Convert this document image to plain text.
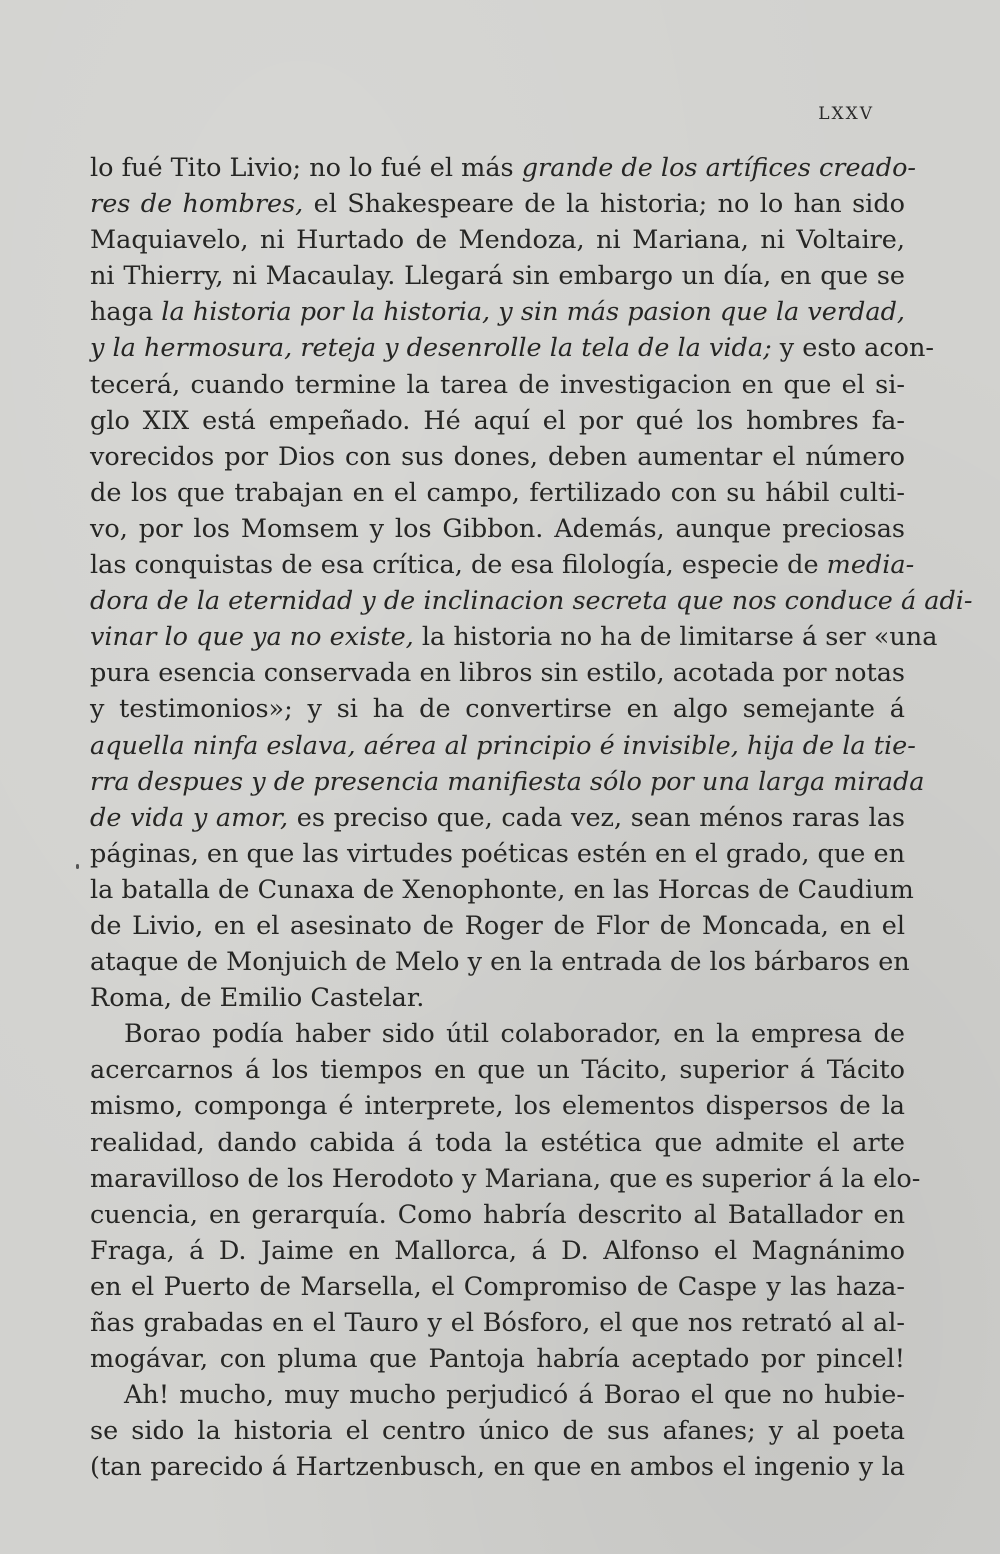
LXXV
lo fué Tito Livio; no lo fué el más grande de los artífices creado-
res de hombres, el Shakespeare de la historia; no lo han sido
Maquiavelo, ni Hurtado de Mendoza, ni Mariana, ni Voltaire,
ni Thierry, ni Macaulay. Llegará sin embargo un día, en que se
haga la historia por la historia, y sin más pasion que la verdad,
y la hermosura, reteja y desenrolle la tela de la vida; y esto acon-
tecerá, cuando termine la tarea de investigacion en que el si-
glo XIX está empeñado. Hé aquí el por qué los hombres fa-
vorecidos por Dios con sus dones, deben aumentar el número
de los que trabajan en el campo, fertilizado con su hábil culti-
vo, por los Momsem y los Gibbon. Además, aunque preciosas
las conquistas de esa crítica, de esa filología, especie de media-
dora de la eternidad y de inclinacion secreta que nos conduce á adi-
vinar lo que ya no existe, la historia no ha de limitarse á ser «una
pura esencia conservada en libros sin estilo, acotada por notas
y testimonios»; y si ha de convertirse en algo semejante á
aquella ninfa eslava, aérea al principio é invisible, hija de la tie-
rra despues y de presencia manifiesta sólo por una larga mirada
de vida y amor, es preciso que, cada vez, sean ménos raras las
páginas, en que las virtudes poéticas estén en el grado, que en
la batalla de Cunaxa de Xenophonte, en las Horcas de Caudium
de Livio, en el asesinato de Roger de Flor de Moncada, en el
ataque de Monjuich de Melo y en la entrada de los bárbaros en
Roma, de Emilio Castelar.
Borao podía haber sido útil colaborador, en la empresa de
acercarnos á los tiempos en que un Tácito, superior á Tácito
mismo, componga é interprete, los elementos dispersos de la
realidad, dando cabida á toda la estética que admite el arte
maravilloso de los Herodoto y Mariana, que es superior á la elo-
cuencia, en gerarquía. Como habría descrito al Batallador en
Fraga, á D. Jaime en Mallorca, á D. Alfonso el Magnánimo
en el Puerto de Marsella, el Compromiso de Caspe y las haza-
ñas grabadas en el Tauro y el Bósforo, el que nos retrató al al-
mogávar, con pluma que Pantoja habría aceptado por pincel!
Ah! mucho, muy mucho perjudicó á Borao el que no hubie-
se sido la historia el centro único de sus afanes; y al poeta
(tan parecido á Hartzenbusch, en que en ambos el ingenio y la
